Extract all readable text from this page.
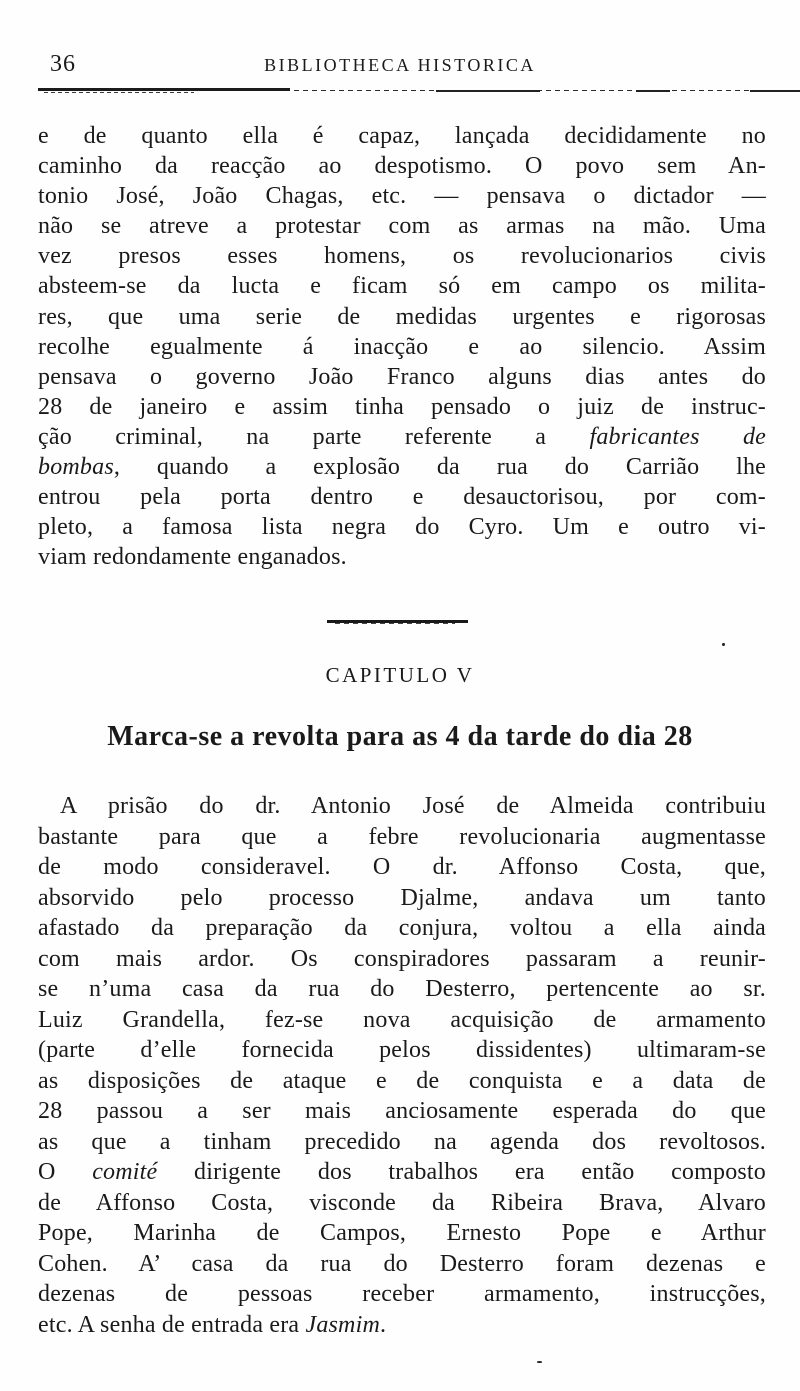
36	BIBLIOTHECA HISTORICA
e de quanto ella é capaz, lançada decididamente no
caminho da reacção ao despotismo. O povo sem An-
tonio José, João Chagas, etc. — pensava o dictador —
não se atreve a protestar com as armas na mão. Uma
vez presos esses homens, os revolucionarios civis
absteem-se da lucta e ficam só em campo os milita-
res, que uma serie de medidas urgentes e rigorosas
recolhe egualmente á inacção e ao silencio. Assim
pensava o governo João Franco alguns dias antes do
28 de janeiro e assim tinha pensado o juiz de instruc-
ção criminal, na parte referente a fabricantes de
bombas, quando a explosão da rua do Carrião lhe
entrou pela porta dentro e desauctorisou, por com-
pleto, a famosa lista negra do Cyro. Um e outro vi-
viam redondamente enganados.
CAPITULO V
Marca-se a revolta para as 4 da tarde do dia 28
A prisão do dr. Antonio José de Almeida contribuiu
bastante para que a febre revolucionaria augmentasse
de modo consideravel. O dr. Affonso Costa, que,
absorvido pelo processo Djalme, andava um tanto
afastado da preparação da conjura, voltou a ella ainda
com mais ardor. Os conspiradores passaram a reunir-
se n’uma casa da rua do Desterro, pertencente ao sr.
Luiz Grandella, fez-se nova acquisição de armamento
(parte d’elle fornecida pelos dissidentes) ultimaram-se
as disposições de ataque e de conquista e a data de
28 passou a ser mais anciosamente esperada do que
as que a tinham precedido na agenda dos revoltosos.
O comité dirigente dos trabalhos era então composto
de Affonso Costa, visconde da Ribeira Brava, Alvaro
Pope, Marinha de Campos, Ernesto Pope e Arthur
Cohen. A’ casa da rua do Desterro foram dezenas e
dezenas de pessoas receber armamento, instrucções,
etc. A senha de entrada era Jasmim.
